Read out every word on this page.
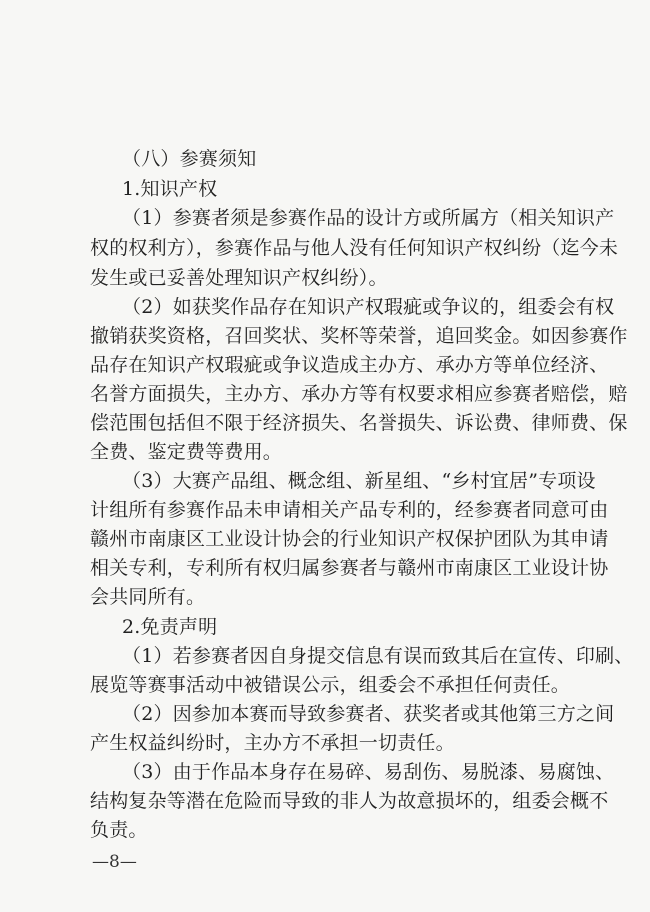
（八）参赛须知
1.知识产权
（1）参赛者须是参赛作品的设计方或所属方（相关知识产
权的权利方），参赛作品与他人没有任何知识产权纠纷（迄今未
发生或已妥善处理知识产权纠纷）。
（2）如获奖作品存在知识产权瑕疵或争议的，组委会有权
撤销获奖资格，召回奖状、奖杯等荣誉，追回奖金。如因参赛作
品存在知识产权瑕疵或争议造成主办方、承办方等单位经济、
名誉方面损失，主办方、承办方等有权要求相应参赛者赔偿，赔
偿范围包括但不限于经济损失、名誉损失、诉讼费、律师费、保
全费、鉴定费等费用。
（3）大赛产品组、概念组、新星组、“乡村宜居”专项设
计组所有参赛作品未申请相关产品专利的，经参赛者同意可由
赣州市南康区工业设计协会的行业知识产权保护团队为其申请
相关专利，专利所有权归属参赛者与赣州市南康区工业设计协
会共同所有。
2.免责声明
（1）若参赛者因自身提交信息有误而致其后在宣传、印刷、
展览等赛事活动中被错误公示，组委会不承担任何责任。
（2）因参加本赛而导致参赛者、获奖者或其他第三方之间
产生权益纠纷时，主办方不承担一切责任。
（3）由于作品本身存在易碎、易刮伤、易脱漆、易腐蚀、
结构复杂等潜在危险而导致的非人为故意损坏的，组委会概不
负责。
—8—
